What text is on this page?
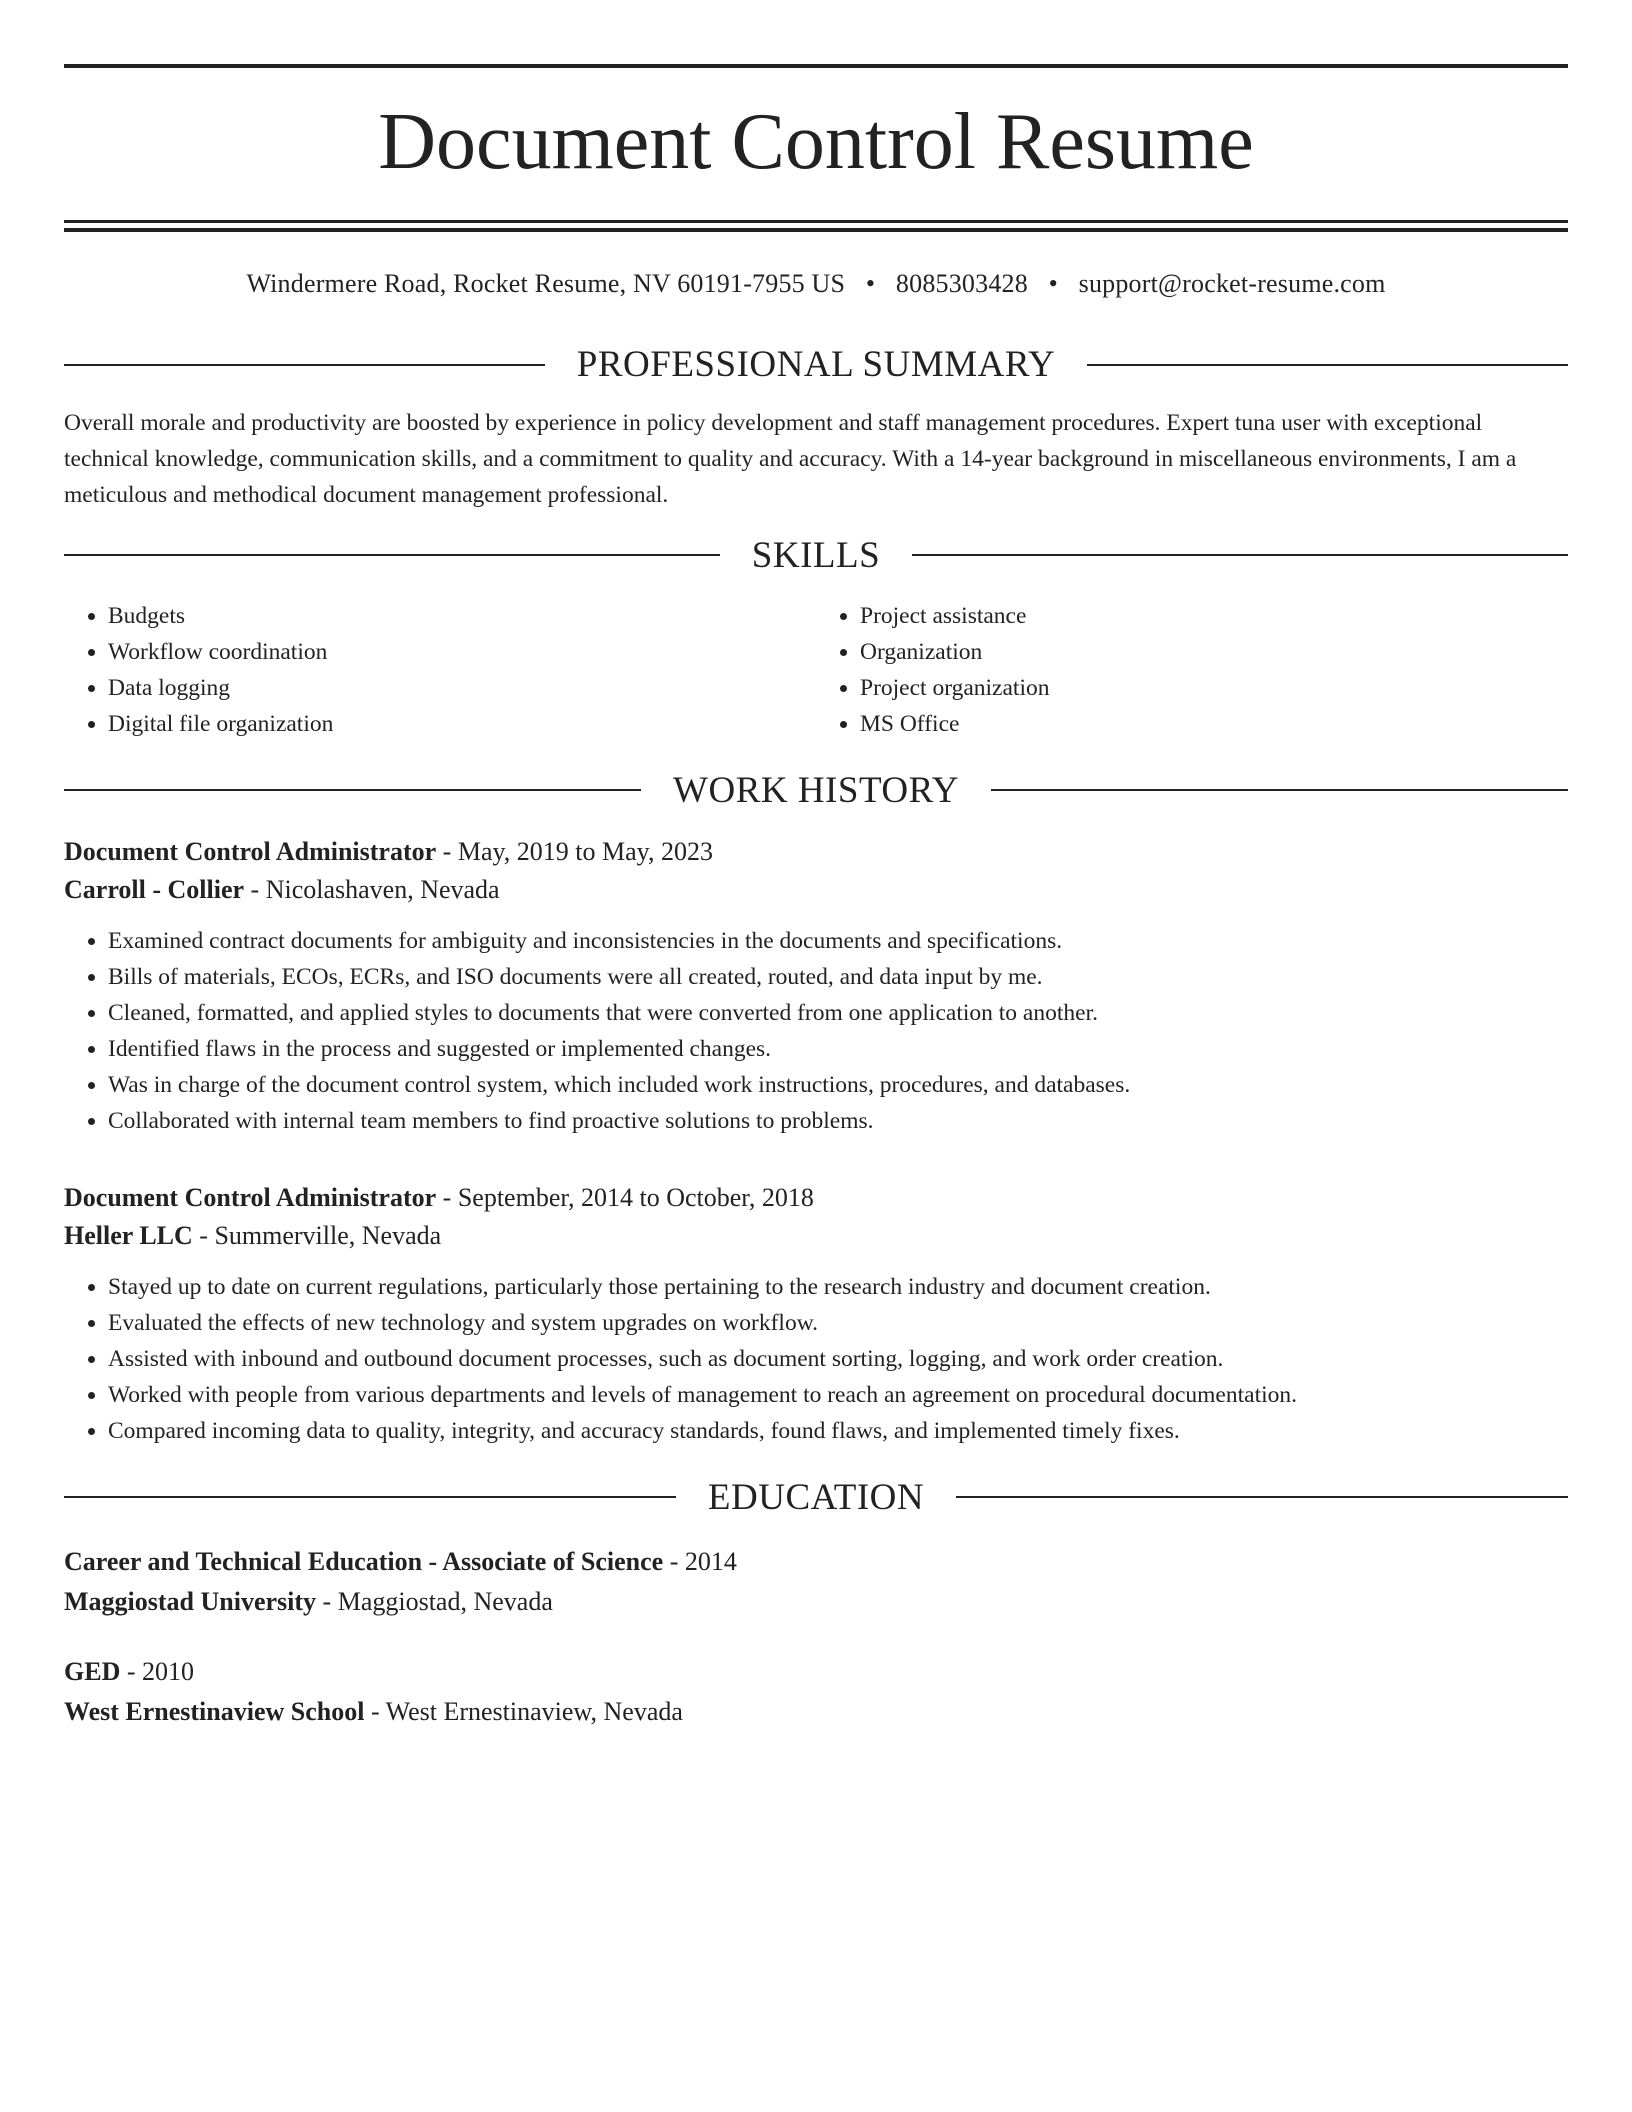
Document Control Resume
Windermere Road, Rocket Resume, NV 60191-7955 US • 8085303428 • support@rocket-resume.com
PROFESSIONAL SUMMARY

Overall morale and productivity are boosted by experience in policy development and staff management procedures. Expert tuna user with exceptional technical knowledge, communication skills, and a commitment to quality and accuracy. With a 14-year background in miscellaneous environments, I am a meticulous and methodical document management professional.

SKILLS
• Budgets
• Workflow coordination
• Data logging
• Digital file organization
• Project assistance
• Organization
• Project organization
• MS Office
WORK HISTORY
Document Control Administrator - May, 2019 to May, 2023
Carroll - Collier - Nicolashaven, Nevada
• Examined contract documents for ambiguity and inconsistencies in the documents and specifications.
• Bills of materials, ECOs, ECRs, and ISO documents were all created, routed, and data input by me.
• Cleaned, formatted, and applied styles to documents that were converted from one application to another.
• Identified flaws in the process and suggested or implemented changes.
• Was in charge of the document control system, which included work instructions, procedures, and databases.
• Collaborated with internal team members to find proactive solutions to problems.
Document Control Administrator - September, 2014 to October, 2018
Heller LLC - Summerville, Nevada
• Stayed up to date on current regulations, particularly those pertaining to the research industry and document creation.
• Evaluated the effects of new technology and system upgrades on workflow.
• Assisted with inbound and outbound document processes, such as document sorting, logging, and work order creation.
• Worked with people from various departments and levels of management to reach an agreement on procedural documentation.
• Compared incoming data to quality, integrity, and accuracy standards, found flaws, and implemented timely fixes.
EDUCATION
Career and Technical Education - Associate of Science - 2014
Maggiostad University - Maggiostad, Nevada
GED - 2010
West Ernestinaview School - West Ernestinaview, Nevada
